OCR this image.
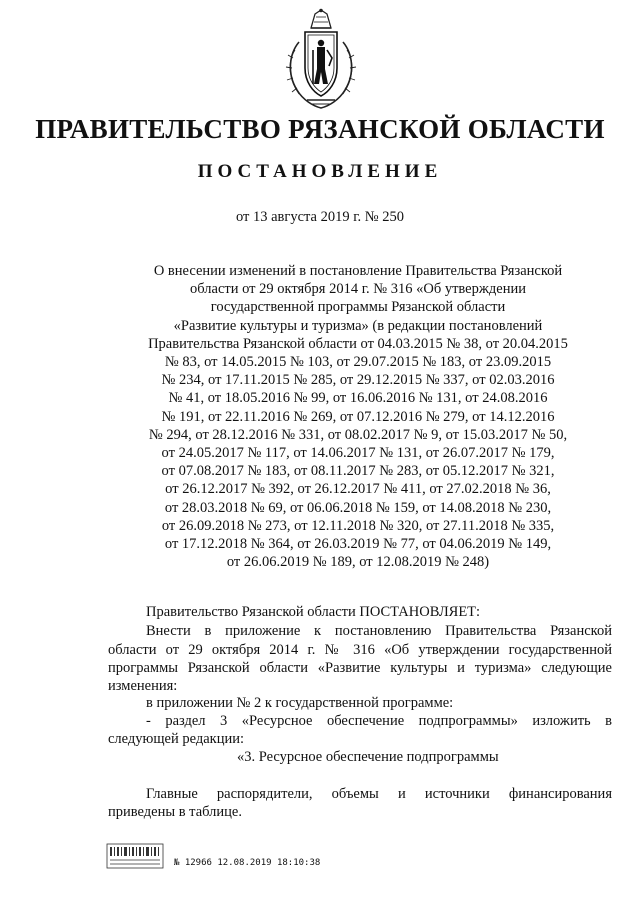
ПРАВИТЕЛЬСТВО РЯЗАНСКОЙ ОБЛАСТИ
ПОСТАНОВЛЕНИЕ
от 13 августа 2019 г. № 250
О внесении изменений в постановление Правительства Рязанской
области от 29 октября 2014 г. № 316 «Об утверждении
государственной программы Рязанской области
«Развитие культуры и туризма» (в редакции постановлений
Правительства Рязанской области от 04.03.2015 № 38, от 20.04.2015
№ 83, от 14.05.2015 № 103, от 29.07.2015 № 183, от 23.09.2015
№ 234, от 17.11.2015 № 285, от 29.12.2015 № 337, от 02.03.2016
№ 41, от 18.05.2016 № 99, от 16.06.2016 № 131, от 24.08.2016
№ 191, от 22.11.2016 № 269, от 07.12.2016 № 279, от 14.12.2016
№ 294, от 28.12.2016 № 331, от 08.02.2017 № 9, от 15.03.2017 № 50,
от 24.05.2017 № 117, от 14.06.2017 № 131, от 26.07.2017 № 179,
от 07.08.2017 № 183, от 08.11.2017 № 283, от 05.12.2017 № 321,
от 26.12.2017 № 392, от 26.12.2017 № 411, от 27.02.2018 № 36,
от 28.03.2018 № 69, от 06.06.2018 № 159, от 14.08.2018 № 230,
от 26.09.2018 № 273, от 12.11.2018 № 320, от 27.11.2018 № 335,
от 17.12.2018 № 364, от 26.03.2019 № 77, от 04.06.2019 № 149,
от 26.06.2019 № 189, от 12.08.2019 № 248)
Правительство Рязанской области ПОСТАНОВЛЯЕТ:
Внести в приложение к постановлению Правительства Рязанской
области от 29 октября 2014 г. № 316 «Об утверждении государственной программы Рязанской области «Развитие культуры и туризма» следующие изменения:
в приложении № 2 к государственной программе:
- раздел 3 «Ресурсное обеспечение подпрограммы» изложить в
следующей редакции:
«3. Ресурсное обеспечение подпрограммы
Главные распорядители, объемы и источники финансирования
приведены в таблице.
№ 12966 12.08.2019 18:10:38
